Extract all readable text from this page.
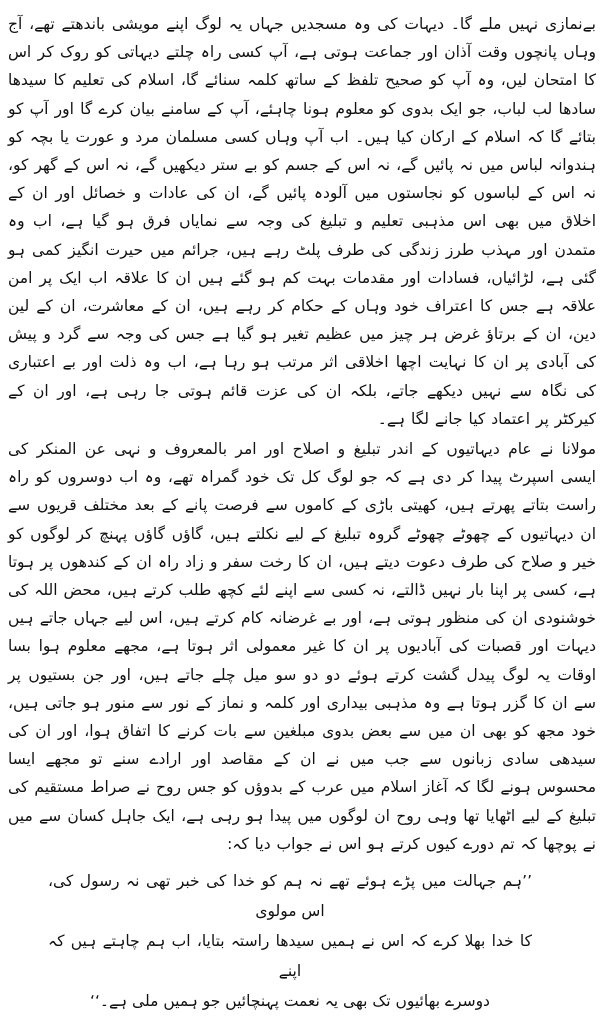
بےنمازی نہیں ملے گا۔ دیہات کی وہ مسجدیں جہاں یہ لوگ اپنے مویشی باندھتے تھے، آج وہاں پانچوں وقت آذان اور جماعت ہوتی ہے، آپ کسی راہ چلتے دیہاتی کو روک کر اس کا امتحان لیں، وہ آپ کو صحیح تلفظ کے ساتھ کلمہ سنائے گا، اسلام کی تعلیم کا سیدھا سادھا لب لباب، جو ایک بدوی کو معلوم ہونا چاہئے، آپ کے سامنے بیان کرے گا اور آپ کو بتائے گا کہ اسلام کے ارکان کیا ہیں۔ اب آپ وہاں کسی مسلمان مرد و عورت یا بچہ کو ہندوانہ لباس میں نہ پائیں گے، نہ اس کے جسم کو بے ستر دیکھیں گے، نہ اس کے گھر کو، نہ اس کے لباسوں کو نجاستوں میں آلودہ پائیں گے، ان کی عادات و خصائل اور ان کے اخلاق میں بھی اس مذہبی تعلیم و تبلیغ کی وجہ سے نمایاں فرق ہو گیا ہے، اب وہ متمدن اور مہذب طرز زندگی کی طرف پلٹ رہے ہیں، جرائم میں حیرت انگیز کمی ہو گئی ہے، لڑائیاں، فسادات اور مقدمات بہت کم ہو گئے ہیں ان کا علاقہ اب ایک پر امن علاقہ ہے جس کا اعتراف خود وہاں کے حکام کر رہے ہیں، ان کے معاشرت، ان کے لین دین، ان کے برتاؤ غرض ہر چیز میں عظیم تغیر ہو گیا ہے جس کی وجہ سے گرد و پیش کی آبادی پر ان کا نہایت اچھا اخلاقی اثر مرتب ہو رہا ہے، اب وہ ذلت اور بے اعتباری کی نگاہ سے نہیں دیکھے جاتے، بلکہ ان کی عزت قائم ہوتی جا رہی ہے، اور ان کے کیرکٹر پر اعتماد کیا جانے لگا ہے۔

مولانا نے عام دیہاتیوں کے اندر تبلیغ و اصلاح اور امر بالمعروف و نہی عن المنکر کی ایسی اسپرٹ پیدا کر دی ہے کہ جو لوگ کل تک خود گمراہ تھے، وہ اب دوسروں کو راہ راست بتاتے پھرتے ہیں، کھیتی باڑی کے کاموں سے فرصت پانے کے بعد مختلف قریوں سے ان دیہاتیوں کے چھوٹے چھوٹے گروہ تبلیغ کے لیے نکلتے ہیں، گاؤں گاؤں پہنچ کر لوگوں کو خیر و صلاح کی طرف دعوت دیتے ہیں، ان کا رخت سفر و زاد راہ ان کے کندھوں پر ہوتا ہے، کسی پر اپنا بار نہیں ڈالتے، نہ کسی سے اپنے لئے کچھ طلب کرتے ہیں، محض اللہ کی خوشنودی ان کی منظور ہوتی ہے، اور بے غرضانہ کام کرتے ہیں، اس لیے جہاں جاتے ہیں دیہات اور قصبات کی آبادیوں پر ان کا غیر معمولی اثر ہوتا ہے، مجھے معلوم ہوا بسا اوقات یہ لوگ پیدل گشت کرتے ہوئے دو دو سو میل چلے جاتے ہیں، اور جن بستیوں پر سے ان کا گزر ہوتا ہے وہ مذہبی بیداری اور کلمہ و نماز کے نور سے منور ہو جاتی ہیں، خود مجھ کو بھی ان میں سے بعض بدوی مبلغین سے بات کرنے کا اتفاق ہوا، اور ان کی سیدھی سادی زبانوں سے جب میں نے ان کے مقاصد اور ارادے سنے تو مجھے ایسا محسوس ہونے لگا کہ آغاز اسلام میں عرب کے بدوؤں کو جس روح نے صراط مستقیم کی تبلیغ کے لیے اٹھایا تھا وہی روح ان لوگوں میں پیدا ہو رہی ہے، ایک جاہل کسان سے میں نے پوچھا کہ تم دورے کیوں کرتے ہو اس نے جواب دیا کہ:

’’ہم جہالت میں پڑے ہوئے تھے نہ ہم کو خدا کی خبر تھی نہ رسول کی، اس مولوی
کا خدا بھلا کرے کہ اس نے ہمیں سیدھا راستہ بتایا، اب ہم چاہتے ہیں کہ اپنے
دوسرے بھائیوں تک بھی یہ نعمت پہنچائیں جو ہمیں ملی ہے۔‘‘
